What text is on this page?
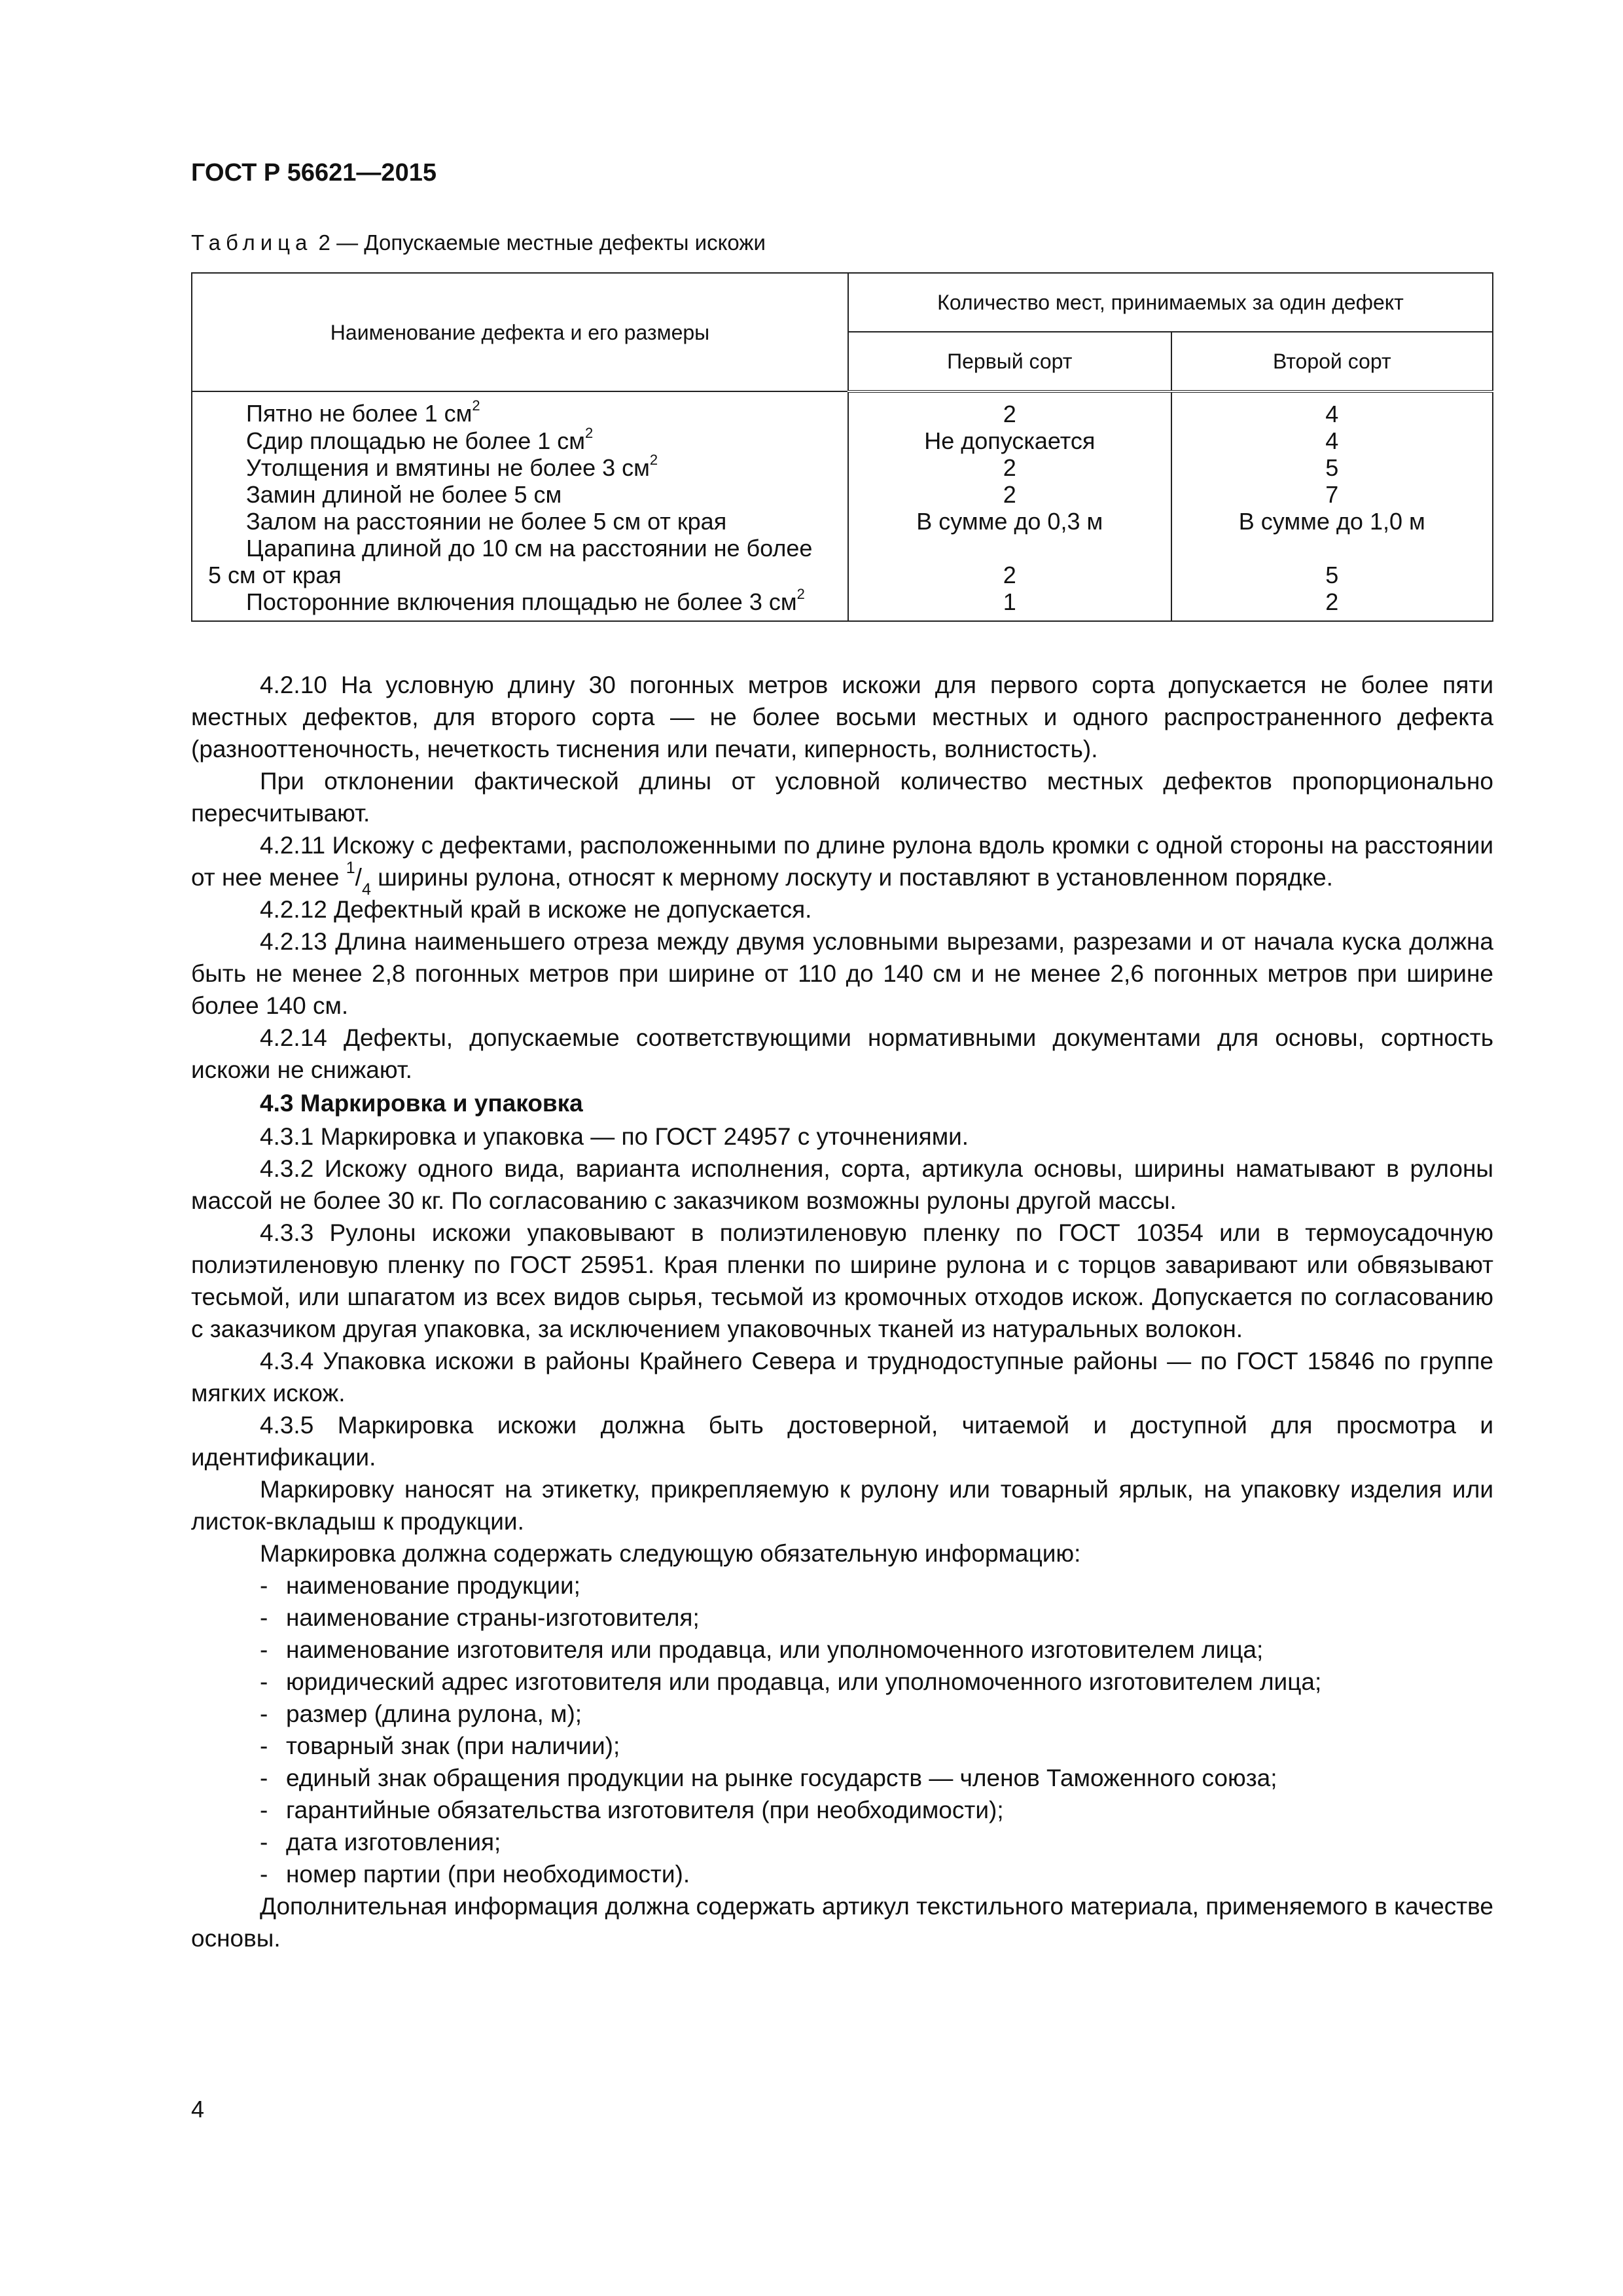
ГОСТ Р 56621—2015
Таблица 2 — Допускаемые местные дефекты искожи
Наименование дефекта и его размеры	Количество мест, принимаемых за один дефект	
	Первый сорт	Второй сорт
Пятно не более 1 $см^2$	2	4
Сдир площадью не более 1 $см^2$	Не допускается	4
Утолщения и вмятины не более 3 $см^2$	2	5
Замин длиной не более 5 см	2	7
Залом на расстоянии не более 5 см от края	В сумме до 0,3 м	В сумме до 1,0 м

Царапина длиной до 10 см на расстоянии не более
5 см от края	2	5
Посторонние включения площадью не более 3 $см^2$	1	2

4.2.10 На условную длину 30 погонных метров искожи для первого сорта допускается не более пяти местных дефектов, для второго сорта — не более восьми местных и одного распространенного дефекта (разнооттеночность, нечеткость тиснения или печати, киперность, волнистость).

При отклонении фактической длины от условной количество местных дефектов пропорционально пересчитывают.

4.2.11 Искожу с дефектами, расположенными по длине рулона вдоль кромки с одной стороны на расстоянии от нее менее $^1/_4$ ширины рулона, относят к мерному лоскуту и поставляют в установленном порядке.

4.2.12 Дефектный край в искоже не допускается.

4.2.13 Длина наименьшего отреза между двумя условными вырезами, разрезами и от начала куска должна быть не менее 2,8 погонных метров при ширине от 110 до 140 см и не менее 2,6 погонных метров при ширине более 140 см.

4.2.14 Дефекты, допускаемые соответствующими нормативными документами для основы, сортность искожи не снижают.

4.3 Маркировка и упаковка

4.3.1 Маркировка и упаковка — по ГОСТ 24957 с уточнениями.

4.3.2 Искожу одного вида, варианта исполнения, сорта, артикула основы, ширины наматывают в рулоны массой не более 30 кг. По согласованию с заказчиком возможны рулоны другой массы.

4.3.3 Рулоны искожи упаковывают в полиэтиленовую пленку по ГОСТ 10354 или в термоусадочную полиэтиленовую пленку по ГОСТ 25951. Края пленки по ширине рулона и с торцов заваривают или обвязывают тесьмой, или шпагатом из всех видов сырья, тесьмой из кромочных отходов искож. Допускается по согласованию с заказчиком другая упаковка, за исключением упаковочных тканей из натуральных волокон.

4.3.4 Упаковка искожи в районы Крайнего Севера и труднодоступные районы — по ГОСТ 15846 по группе мягких искож.

4.3.5 Маркировка искожи должна быть достоверной, читаемой и доступной для просмотра и идентификации.

Маркировку наносят на этикетку, прикрепляемую к рулону или товарный ярлык, на упаковку изделия или листок-вкладыш к продукции.

Маркировка должна содержать следующую обязательную информацию:

- наименование продукции;
- наименование страны-изготовителя;
- наименование изготовителя или продавца, или уполномоченного изготовителем лица;
- юридический адрес изготовителя или продавца, или уполномоченного изготовителем лица;
- размер (длина рулона, м);
- товарный знак (при наличии);
- единый знак обращения продукции на рынке государств — членов Таможенного союза;
- гарантийные обязательства изготовителя (при необходимости);
- дата изготовления;
- номер партии (при необходимости).

Дополнительная информация должна содержать артикул текстильного материала, применяемого в качестве основы.

4
